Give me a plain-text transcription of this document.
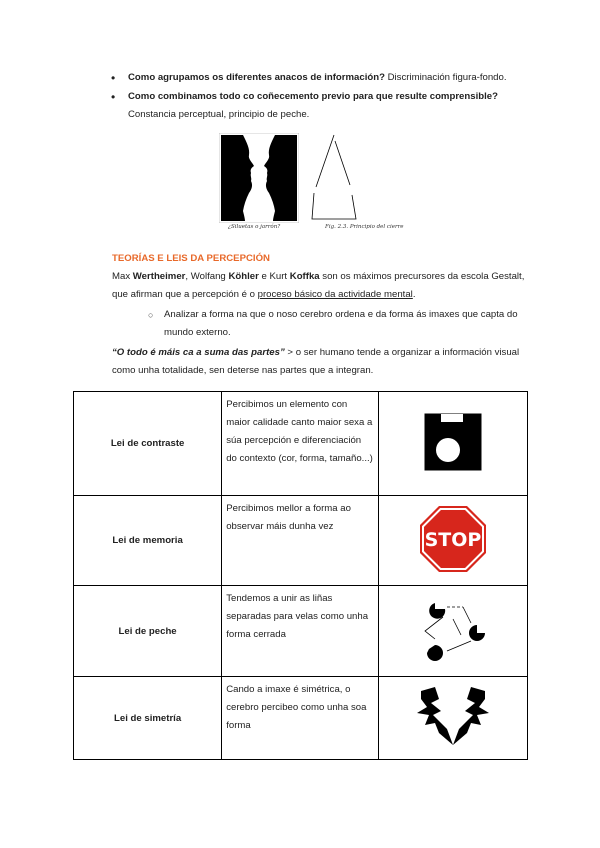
• Como agrupamos os diferentes anacos de información? Discriminación figura-fondo.
• Como combinamos todo co coñecemento previo para que resulte comprensible?
Constancia perceptual, principio de peche.
¿Siluetas o jarrón?	Fig. 2.3. Principio del cierre
TEORÍAS E LEIS DA PERCEPCIÓN
Max Wertheimer, Wolfang Köhler e Kurt Koffka son os máximos precursores da escola Gestalt,
que afirman que a percepción é o proceso básico da actividade mental.
○ Analizar a forma na que o noso cerebro ordena e da forma ás imaxes que capta do mundo externo.
“O todo é máis ca a suma das partes” > o ser humano tende a organizar a información visual
como unha totalidade, sen deterse nas partes que a integran.
Lei de contraste	Percibimos un elemento con maior calidade canto maior sexa a súa percepción e diferenciación do contexto (cor, forma, tamaño...)	
Lei de memoria	Percibimos mellor a forma ao observar máis dunha vez	STOP

Lei de peche	Tendemos a unir as liñas separadas para velas como unha forma cerrada	
Lei de simetría	Cando a imaxe é simétrica, o cerebro percibeo como unha soa forma	
